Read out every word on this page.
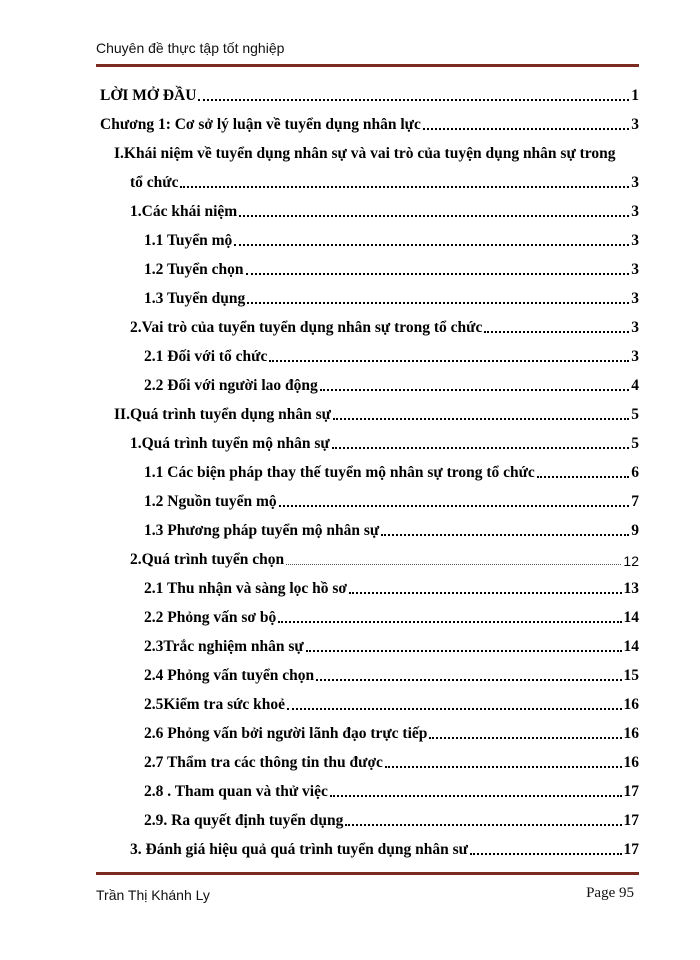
Chuyên đề thực tập tốt nghiệp
LỜI MỞ ĐẦU	1
Chương 1: Cơ sở lý luận về tuyển dụng nhân lực	3
I.Khái niệm về tuyển dụng nhân sự và vai trò của tuyện dụng nhân sự trong
tổ chức	3
1.Các khái niệm	3
1.1 Tuyển mộ	3
1.2 Tuyển chọn	3
1.3 Tuyển dụng	3
2.Vai trò của tuyển tuyển dụng nhân sự trong tổ chức	3
2.1 Đối với tổ chức	3
2.2 Đối với người lao động	4
II.Quá trình tuyển dụng nhân sự	5
1.Quá trình tuyển mộ nhân sự	5
1.1 Các biện pháp thay thế tuyển mộ nhân sự trong tổ chức	6
1.2 Nguồn tuyển mộ	7
1.3 Phương pháp tuyển mộ nhân sự	9
2.Quá trình tuyển chọn	12
2.1 Thu nhận và sàng lọc hồ sơ	13
2.2 Phỏng vấn sơ bộ	14
2.3Trắc nghiệm nhân sự	14
2.4 Phỏng vấn tuyển chọn	15
2.5Kiểm tra sức khoẻ	16
2.6 Phỏng vấn bởi người lãnh đạo trực tiếp	16
2.7 Thẩm tra các thông tin thu được	16
2.8 . Tham quan và thử việc	17
2.9. Ra quyết định tuyển dụng	17
3. Đánh giá hiệu quả quá trình tuyển dụng nhân sư	17
Trần Thị Khánh Ly	Page 95
